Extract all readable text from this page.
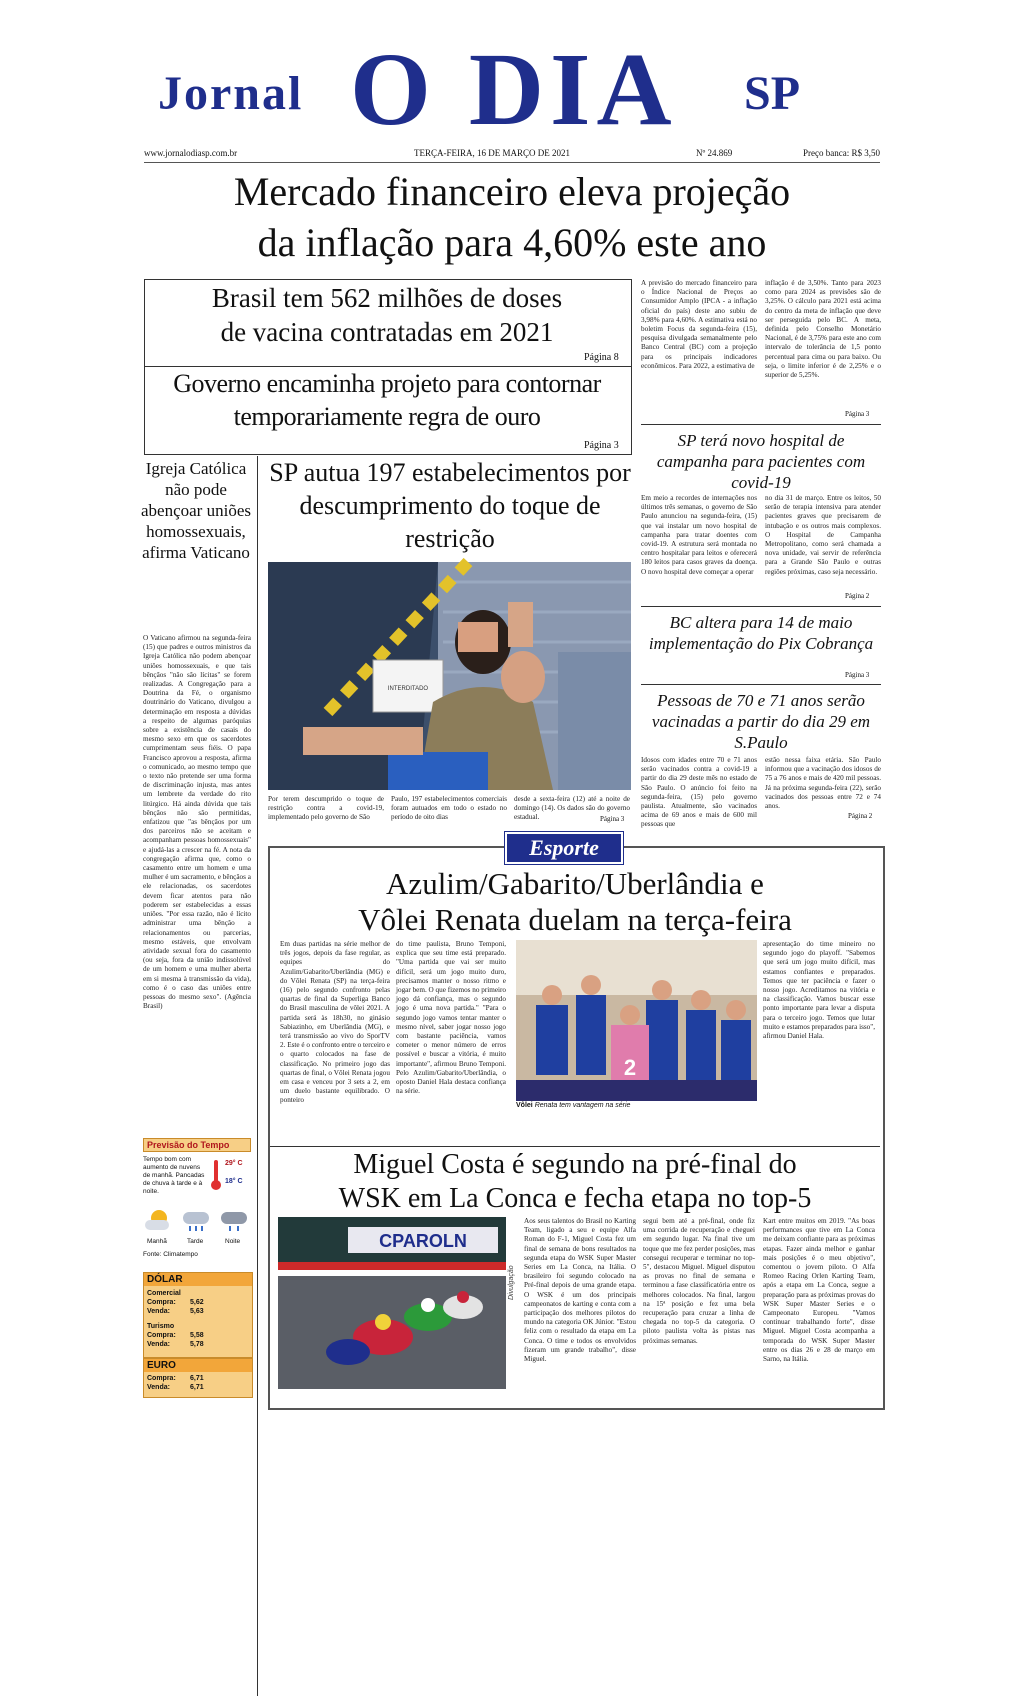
Jornal O DIA SP
www.jornalodiasp.com.br	TERÇA-FEIRA, 16 DE MARÇO DE 2021	Nº 24.869	Preço banca: R$ 3,50
Mercado financeiro eleva projeção
da inflação para 4,60% este ano
Brasil tem 562 milhões de doses
de vacina contratadas em 2021
Página 8
Governo encaminha projeto para contornar
temporariamente regra de ouro
Página 3
A previsão do mercado financeiro para o Índice Nacional de Preços ao Consumidor Amplo (IPCA - a inflação oficial do país) deste ano subiu de 3,98% para 4,60%. A estimativa está no boletim Focus da segunda-feira (15), pesquisa divulgada semanalmente pelo Banco Central (BC) com a projeção para os principais indicadores econômicos. Para 2022, a estimativa de
inflação é de 3,50%. Tanto para 2023 como para 2024 as previsões são de 3,25%. O cálculo para 2021 está acima do centro da meta de inflação que deve ser perseguida pelo BC. A meta, definida pelo Conselho Monetário Nacional, é de 3,75% para este ano com intervalo de tolerância de 1,5 ponto percentual para cima ou para baixo. Ou seja, o limite inferior é de 2,25% e o superior de 5,25%.
Página 3
SP terá novo hospital de campanha para pacientes com covid-19
Em meio a recordes de internações nos últimos três semanas, o governo de São Paulo anunciou na segunda-feira, (15) que vai instalar um novo hospital de campanha para tratar doentes com covid-19. A estrutura será montada no centro hospitalar para leitos e oferecerá 180 leitos para casos graves da doença. O novo hospital deve começar a operar
no dia 31 de março. Entre os leitos, 50 serão de terapia intensiva para atender pacientes graves que precisarem de intubação e os outros mais complexos. O Hospital de Campanha Metropolitano, como será chamada a nova unidade, vai servir de referência para a Grande São Paulo e outras regiões próximas, caso seja necessário.
Página 2
BC altera para 14 de maio implementação do Pix Cobrança
Página 3
Pessoas de 70 e 71 anos serão vacinadas a partir do dia 29 em S.Paulo
Idosos com idades entre 70 e 71 anos serão vacinados contra a covid-19 a partir do dia 29 deste mês no estado de São Paulo. O anúncio foi feito na segunda-feira, (15) pelo governo paulista. Atualmente, são vacinados acima de 69 anos e mais de 600 mil pessoas que
estão nessa faixa etária. São Paulo informou que a vacinação dos idosos de 75 a 76 anos e mais de 420 mil pessoas. Já na próxima segunda-feira (22), serão vacinados dos pessoas entre 72 e 74 anos.
Página 2
Igreja Católica não pode abençoar uniões homossexuais, afirma Vaticano
O Vaticano afirmou na segunda-feira (15) que padres e outros ministros da Igreja Católica não podem abençoar uniões homossexuais, e que tais bênçãos "não são lícitas" se forem realizadas. A Congregação para a Doutrina da Fé, o organismo doutrinário do Vaticano, divulgou a determinação em resposta a dúvidas a respeito de algumas paróquias sobre a existência de casais do mesmo sexo em que os sacerdotes cumprimentam seus fiéis. O papa Francisco aprovou a resposta, afirma o comunicado, ao mesmo tempo que o texto não pretende ser uma forma de discriminação injusta, mas antes um lembrete da verdade do rito litúrgico. Há ainda dúvida que tais bênçãos não são permitidas, enfatizou que "as bênçãos por um dos parceiros não se aceitam e acompanham pessoas homossexuais" e ajudá-las a crescer na fé. A nota da congregação afirma que, como o casamento entre um homem e uma mulher é um sacramento, e bênçãos a ele relacionadas, os sacerdotes devem ficar atentos para não poderem ser estabelecidas a essas uniões. "Por essa razão, não é lícito administrar uma bênção a relacionamentos ou parcerias, mesmo estáveis, que envolvam atividade sexual fora do casamento (ou seja, fora da união indissolúvel de um homem e uma mulher aberta em si mesma à transmissão da vida), como é o caso das uniões entre pessoas do mesmo sexo". (Agência Brasil)
SP autua 197 estabelecimentos por descumprimento do toque de restrição
INTERDITADO
Por terem descumprido o toque de restrição contra a covid-19, implementado pelo governo de São
Paulo, 197 estabelecimentos comerciais foram autuados em todo o estado no período de oito dias
desde a sexta-feira (12) até a noite de domingo (14). Os dados são do governo estadual.	Página 3
Esporte
Azulim/Gabarito/Uberlândia e
Vôlei Renata duelam na terça-feira
Em duas partidas na série melhor de três jogos, depois da fase regular, as equipes do Azulim/Gabarito/Uberlândia (MG) e do Vôlei Renata (SP) na terça-feira (16) pelo segundo confronto pelas quartas de final da Superliga Banco do Brasil masculina de vôlei 2021. A partida será às 18h30, no ginásio Sabiazinho, em Uberlândia (MG), e terá transmissão ao vivo do SporTV 2. Este é o confronto entre o terceiro e o quarto colocados na fase de classificação. No primeiro jogo das quartas de final, o Vôlei Renata jogou em casa e venceu por 3 sets a 2, em um duelo bastante equilibrado. O ponteiro
do time paulista, Bruno Temponi, explica que seu time está preparado. "Uma partida que vai ser muito difícil, será um jogo muito duro, precisamos manter o nosso ritmo e jogar bem. O que fizemos no primeiro jogo dá confiança, mas o segundo jogo é uma nova partida." "Para o segundo jogo vamos tentar manter o mesmo nível, saber jogar nosso jogo com bastante paciência, vamos cometer o menor número de erros possível e buscar a vitória, é muito importante", afirmou Bruno Temponi. Pelo Azulim/Gabarito/Uberlândia, o oposto Daniel Hala destaca confiança na série.
2
Vôlei Renata tem vantagem na série
apresentação do time mineiro no segundo jogo do playoff. "Sabemos que será um jogo muito difícil, mas estamos confiantes e preparados. Temos que ter paciência e fazer o nosso jogo. Acreditamos na vitória e na classificação. Vamos buscar esse ponto importante para levar a disputa para o terceiro jogo. Temos que lutar muito e estamos preparados para isso", afirmou Daniel Hala.
Miguel Costa é segundo na pré-final do
WSK em La Conca e fecha etapa no top-5
CPAROLN
Divulgação
Aos seus talentos do Brasil no Karting Team, ligado a seu e equipe Alfa Roman do F-1, Miguel Costa fez um final de semana de bons resultados na segunda etapa do WSK Super Master Series em La Conca, na Itália. O brasileiro foi segundo colocado na Pré-final depois de uma grande etapa. O WSK é um dos principais campeonatos de karting e conta com a participação dos melhores pilotos do mundo na categoria OK Júnior. "Estou feliz com o resultado da etapa em La Conca. O time e todos os envolvidos fizeram um grande trabalho", disse Miguel.
segui bem até a pré-final, onde fiz uma corrida de recuperação e cheguei em segundo lugar. Na final tive um toque que me fez perder posições, mas consegui recuperar e terminar no top-5", destacou Miguel. Miguel disputou as provas no final de semana e terminou a fase classificatória entre os melhores colocados. Na final, largou na 15ª posição e fez uma bela recuperação para cruzar a linha de chegada no top-5 da categoria. O piloto paulista volta às pistas nas próximas semanas.
Kart entre muitos em 2019. "As boas performances que tive em La Conca me deixam confiante para as próximas etapas. Fazer ainda melhor e ganhar mais posições é o meu objetivo", comentou o jovem piloto. O Alfa Romeo Racing Orlen Karting Team, após a etapa em La Conca, segue a preparação para as próximas provas do WSK Super Master Series e o Campeonato Europeu. "Vamos continuar trabalhando forte", disse Miguel. Miguel Costa acompanha a temporada do WSK Super Master entre os dias 26 e 28 de março em Sarno, na Itália.
Previsão do Tempo
Tempo bom com aumento de nuvens de manhã. Pancadas de chuva à tarde e à noite.
29° C
18° C
Manhã	Tarde	Noite
Fonte: Climatempo
DÓLAR
Comercial
Compra: 5,62
Venda:	5,63
Turismo
Compra: 5,58
Venda:	5,78
EURO
Compra: 6,71
Venda:	6,71
